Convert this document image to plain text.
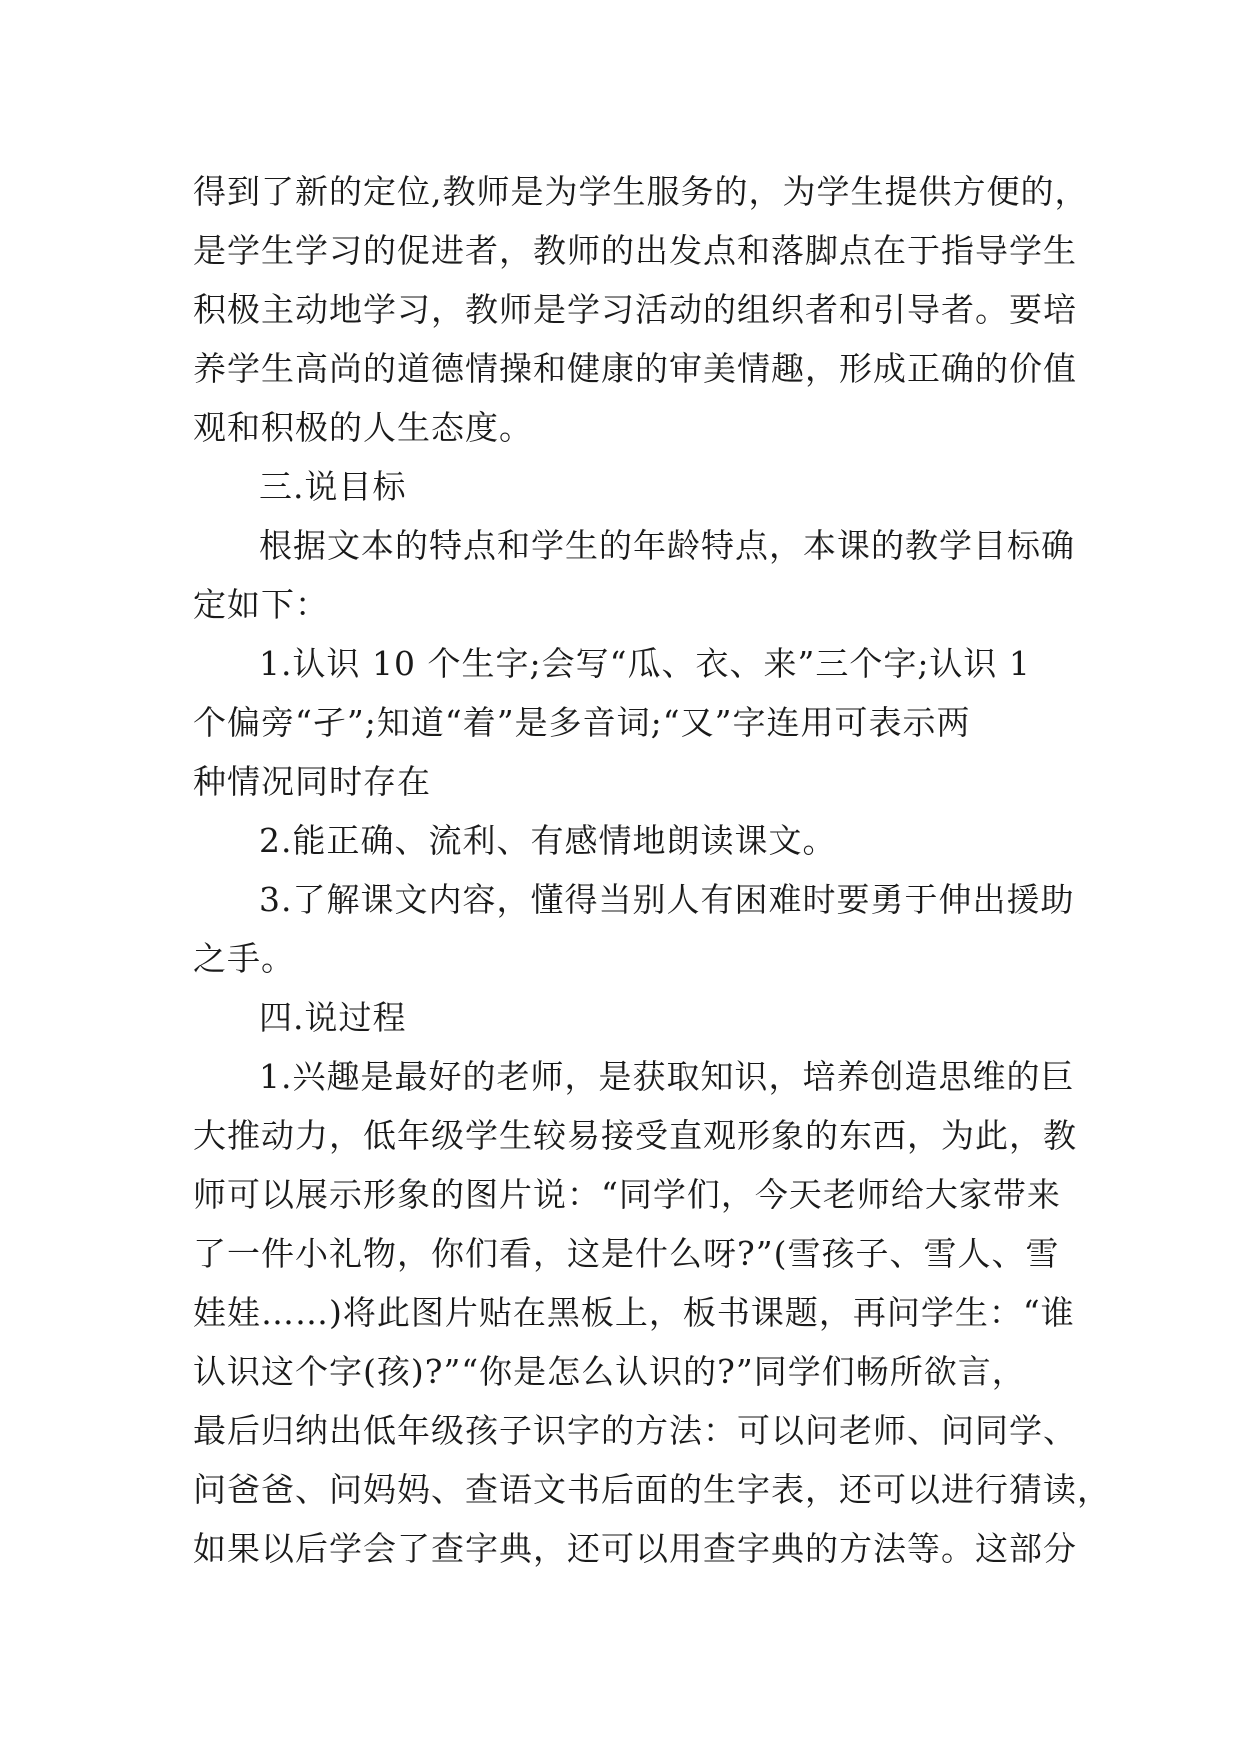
得到了新的定位,教师是为学生服务的，为学生提供方便的，
是学生学习的促进者，教师的出发点和落脚点在于指导学生
积极主动地学习，教师是学习活动的组织者和引导者。要培
养学生高尚的道德情操和健康的审美情趣，形成正确的价值
观和积极的人生态度。
三.说目标
根据文本的特点和学生的年龄特点，本课的教学目标确
定如下：
1.认识 10 个生字;会写“瓜、衣、来”三个字;认识 1
个偏旁“孑”;知道“着”是多音词;“又”字连用可表示两
种情况同时存在
2.能正确、流利、有感情地朗读课文。
3.了解课文内容，懂得当别人有困难时要勇于伸出援助
之手。
四.说过程
1.兴趣是最好的老师，是获取知识，培养创造思维的巨
大推动力，低年级学生较易接受直观形象的东西，为此，教
师可以展示形象的图片说：“同学们，今天老师给大家带来
了一件小礼物，你们看，这是什么呀?”(雪孩子、雪人、雪
娃娃……)将此图片贴在黑板上，板书课题，再问学生：“谁
认识这个字(孩)?”“你是怎么认识的?”同学们畅所欲言，
最后归纳出低年级孩子识字的方法：可以问老师、问同学、
问爸爸、问妈妈、查语文书后面的生字表，还可以进行猜读，
如果以后学会了查字典，还可以用查字典的方法等。这部分
